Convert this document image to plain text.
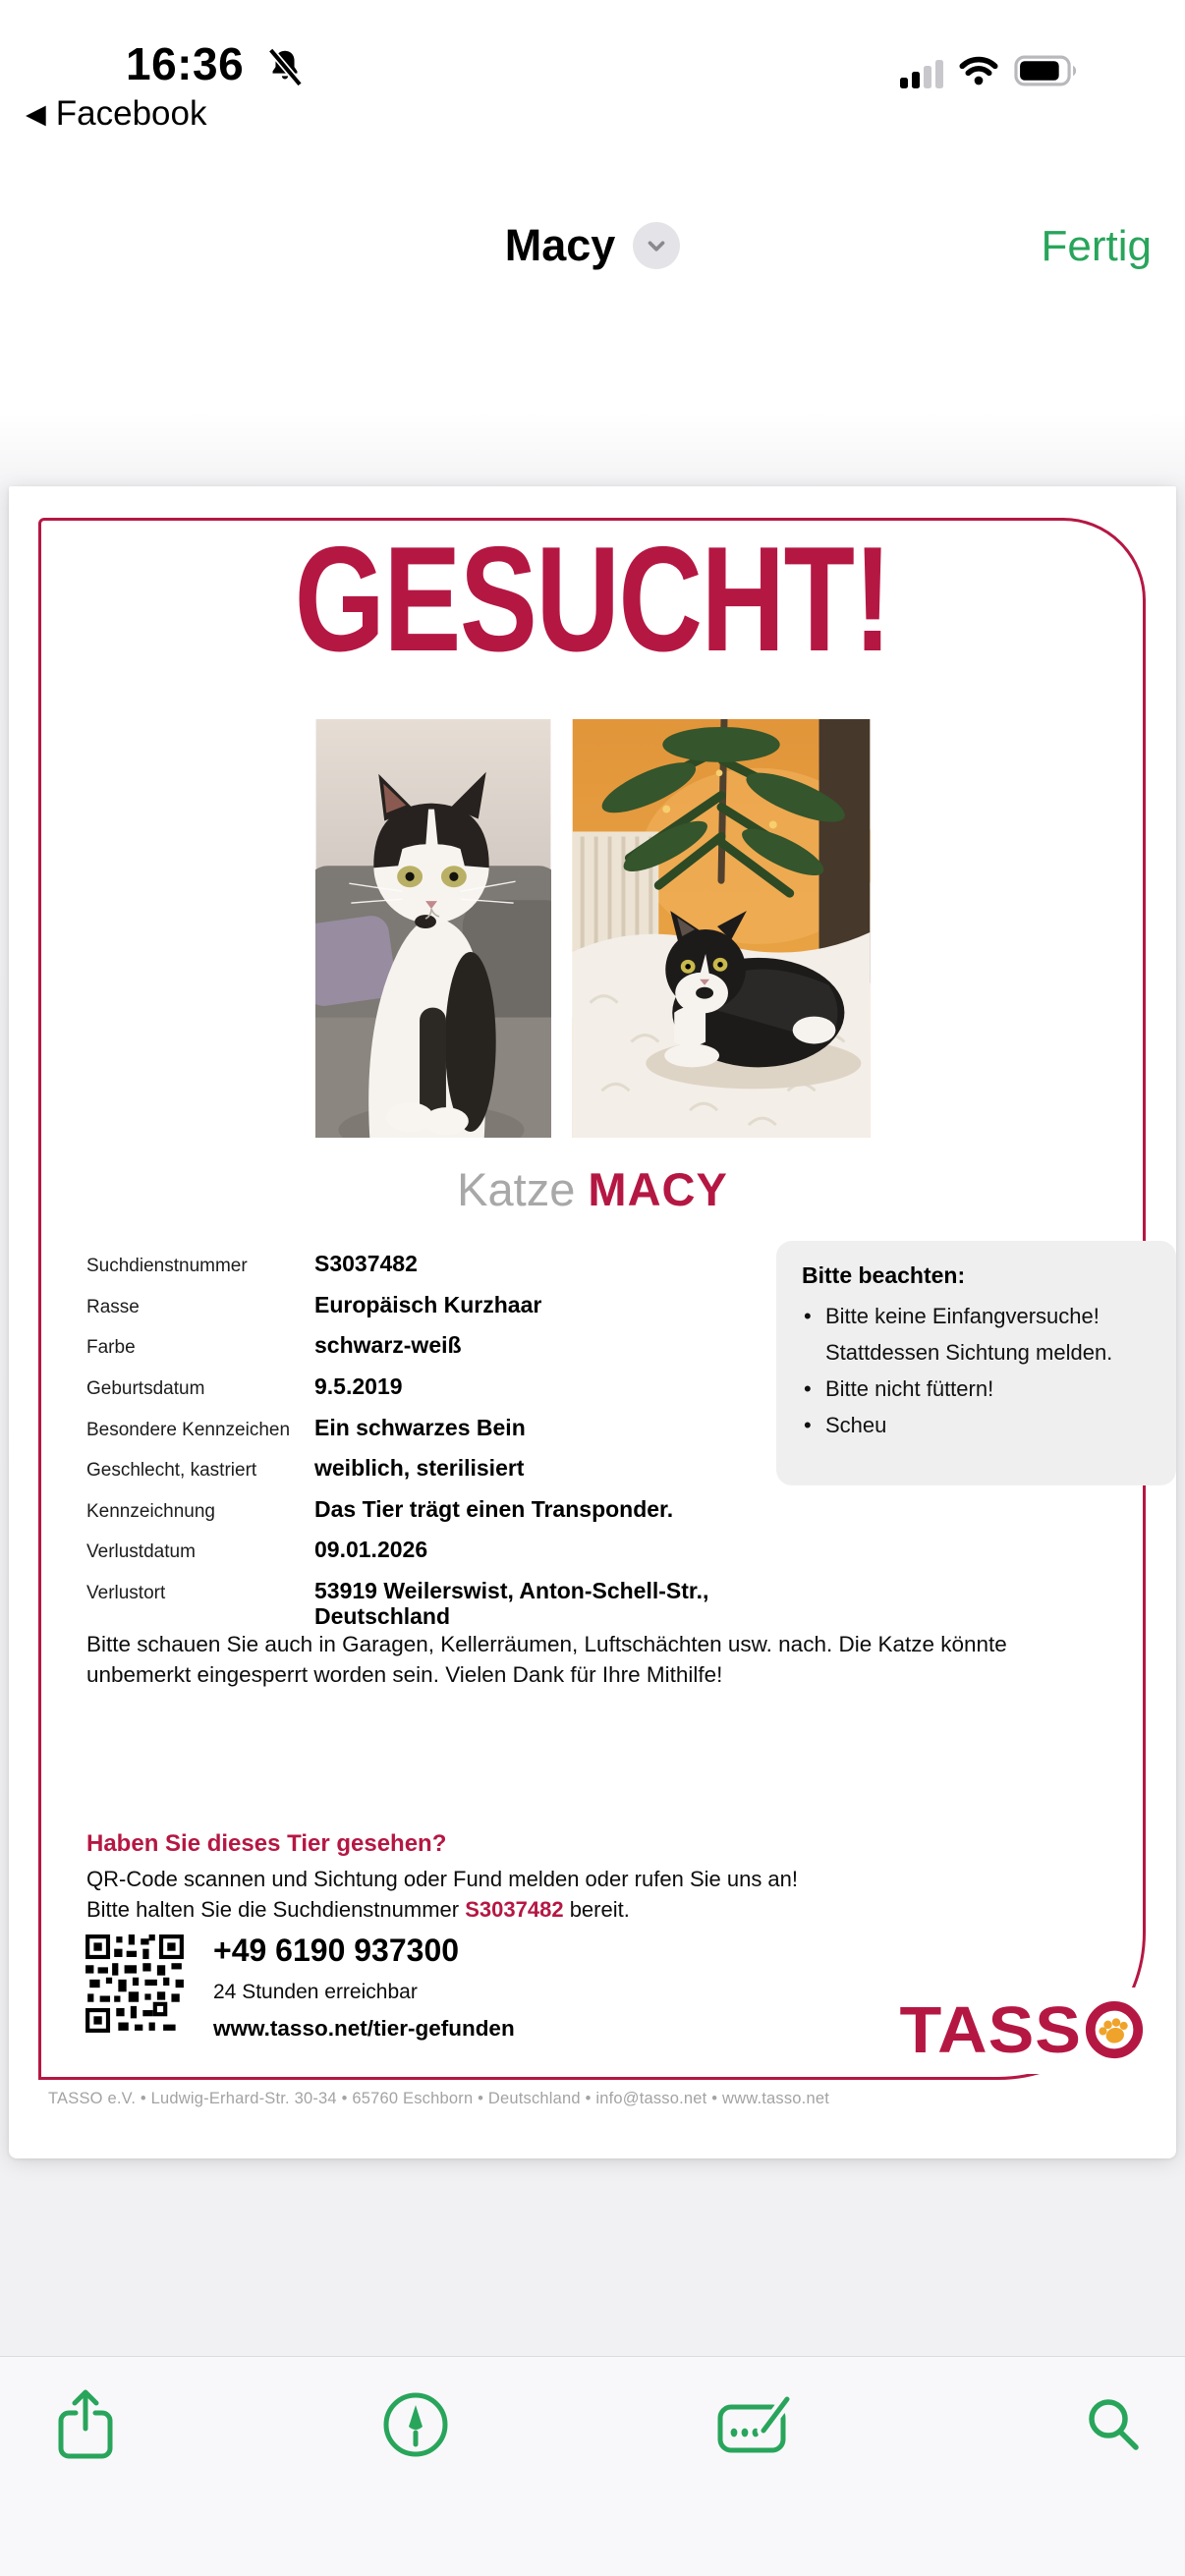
16:36
◀ Facebook
Macy	Fertig
GESUCHT!
Katze MACY
Suchdienstnummer	S3037482
Rasse	Europäisch Kurzhaar
Farbe	schwarz-weiß
Geburtsdatum	9.5.2019
Besondere Kennzeichen	Ein schwarzes Bein
Geschlecht, kastriert	weiblich, sterilisiert
Kennzeichnung	Das Tier trägt einen Transponder.
Verlustdatum	09.01.2026
Verlustort	53919 Weilerswist, Anton-Schell-Str., Deutschland

Bitte beachten:

• Bitte keine Einfangversuche! Stattdessen Sichtung melden.
• Bitte nicht füttern!
• Scheu

Bitte schauen Sie auch in Garagen, Kellerräumen, Luftschächten usw. nach. Die Katze könnte unbemerkt eingesperrt worden sein. Vielen Dank für Ihre Mithilfe!

Haben Sie dieses Tier gesehen?

QR-Code scannen und Sichtung oder Fund melden oder rufen Sie uns an!

Bitte halten Sie die Suchdienstnummer S3037482 bereit.

+49 6190 937300
24 Stunden erreichbar
www.tasso.net/tier-gefunden	TASS
TASSO e.V. • Ludwig-Erhard-Str. 30-34 • 65760 Eschborn • Deutschland • info@tasso.net • www.tasso.net
